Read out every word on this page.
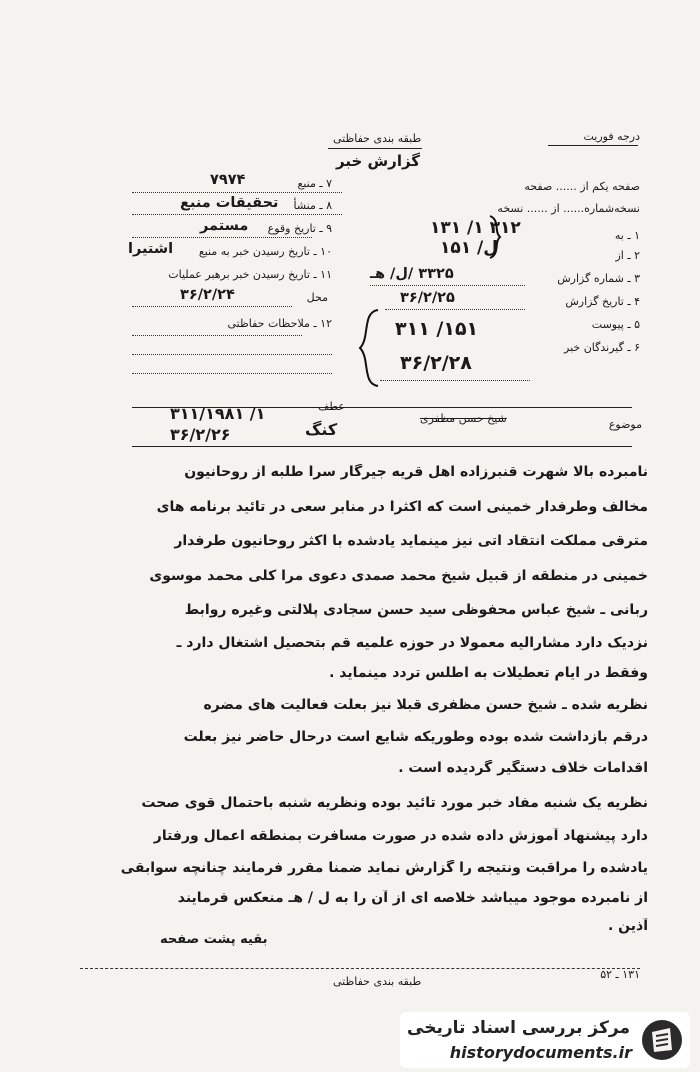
طبقه بندی حفاظتی	درجه فوریت
گزارش خبر
۷ ـ منبع
۷۹۷۴
۸ ـ منشأ
تحقیقات منبع
۹ ـ تاریخ وقوع
مستمر
۱۰ ـ تاریخ رسیدن خبر به منبع
اشتیرا
۱۱ ـ تاریخ رسیدن خبر برهبر عملیات
محل
۳۶/۲/۲۴
۱۲ ـ ملاحظات حفاظتی
صفحه یکم از ...... صفحه
نسخه‌شماره...... از ...... نسخه
۱ ـ به
۳۱۲ ۱/ ۱۳۱
۲ ـ از
ل/ ۱۵۱
۳ ـ شماره گزارش
۳۳۲۵ /ل/ هـ
۴ ـ تاریخ گزارش
۳۶/۲/۲۵
۵ ـ پیوست
۶ ـ گیرندگان خبر
۱۵۱/ ۳۱۱
۳۶/۲/۲۸
موضوع
شیخ حسن مظفری
عطف
۱/ ۳۱۱/۱۹۸۱
۳۶/۲/۲۶	کنگ
نامبرده بالا شهرت قنبرزاده اهل قریه جیرگار سرا طلبه از روحانیون
مخالف وطرفدار خمینی است که اکثرا در منابر سعی در تائید برنامه های
مترقی مملکت انتقاد اتی نیز مینماید یادشده با اکثر روحانیون طرفدار
خمینی در منطقه از قبیل شیخ محمد صمدی دعوی مرا کلی محمد موسوی
ربانی ـ شیخ عباس محفوظی سید حسن سجادی پلالتی وغیره روابط
نزدیک دارد مشارالیه معمولا در حوزه علمیه قم بتحصیل اشتغال دارد ـ
وفقط در ایام تعطیلات به اطلس تردد مینماید .
نظریه شده ـ شیخ حسن مظفری قبلا نیز بعلت فعالیت های مضره
درقم بازداشت شده بوده وطوریکه شایع است درحال حاضر نیز بعلت
اقدامات خلاف دستگیر گردیده است .
نظریه یک شنبه مفاد خبر مورد تائید بوده ونظریه شنبه باحتمال قوی صحت
دارد پیشنهاد آموزش داده شده در صورت مسافرت بمنطقه اعمال ورفتار
یادشده را مراقبت ونتیجه را گزارش نماید ضمنا مقرر فرمایند چنانچه سوابقی
از نامبرده موجود میباشد خلاصه ای از آن را به ل / هـ منعکس فرمایند
آذین .
بقیه پشت صفحه
طبقه بندی حفاظتی
۱۳۱ ـ ۵۲
مرکز بررسی اسناد تاریخی
historydocuments.ir
